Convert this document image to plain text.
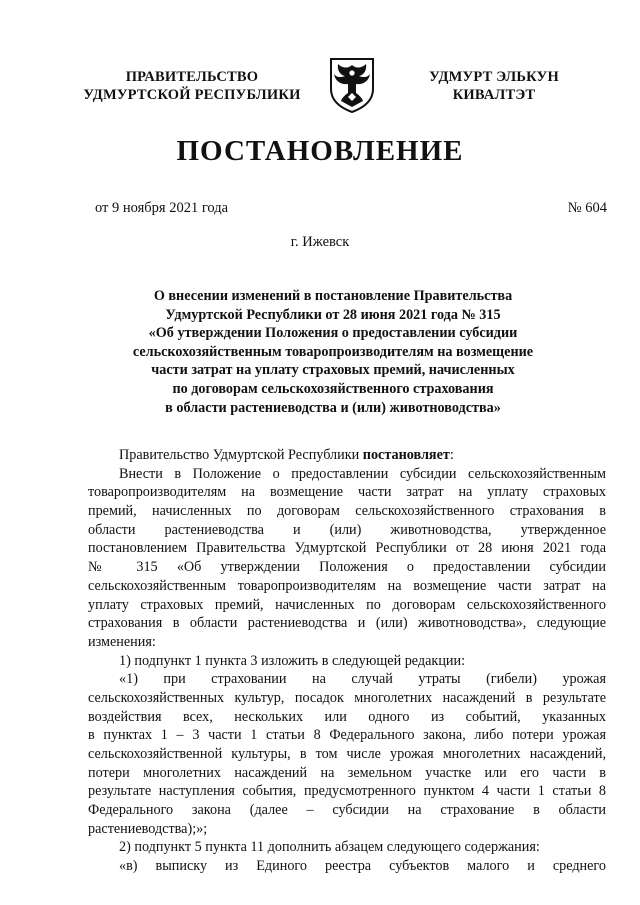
ПРАВИТЕЛЬСТВО
УДМУРТСКОЙ РЕСПУБЛИКИ
УДМУРТ ЭЛЬКУН
КИВАЛТЭТ
ПОСТАНОВЛЕНИЕ
от 9 ноября 2021 года	№ 604
г. Ижевск
О внесении изменений в постановление Правительства
Удмуртской Республики от 28 июня 2021 года № 315
«Об утверждении Положения о предоставлении субсидии
сельскохозяйственным товаропроизводителям на возмещение
части затрат на уплату страховых премий, начисленных
по договорам сельскохозяйственного страхования
в области растениеводства и (или) животноводства»
Правительство Удмуртской Республики постановляет:
Внести в Положение о предоставлении субсидии сельскохозяйственным
товаропроизводителям на возмещение части затрат на уплату страховых
премий, начисленных по договорам сельскохозяйственного страхования в
области растениеводства и (или) животноводства, утвержденное
постановлением Правительства Удмуртской Республики от 28 июня 2021 года
№ 315 «Об утверждении Положения о предоставлении субсидии
сельскохозяйственным товаропроизводителям на возмещение части затрат на
уплату страховых премий, начисленных по договорам сельскохозяйственного
страхования в области растениеводства и (или) животноводства», следующие
изменения:
1) подпункт 1 пункта 3 изложить в следующей редакции:
«1) при страховании на случай утраты (гибели) урожая
сельскохозяйственных культур, посадок многолетних насаждений в результате
воздействия всех, нескольких или одного из событий, указанных
в пунктах 1 – 3 части 1 статьи 8 Федерального закона, либо потери урожая
сельскохозяйственной культуры, в том числе урожая многолетних насаждений,
потери многолетних насаждений на земельном участке или его части в
результате наступления события, предусмотренного пунктом 4 части 1 статьи 8
Федерального закона (далее – субсидии на страхование в области
растениеводства);»;
2) подпункт 5 пункта 11 дополнить абзацем следующего содержания:
«в) выписку из Единого реестра субъектов малого и среднего
